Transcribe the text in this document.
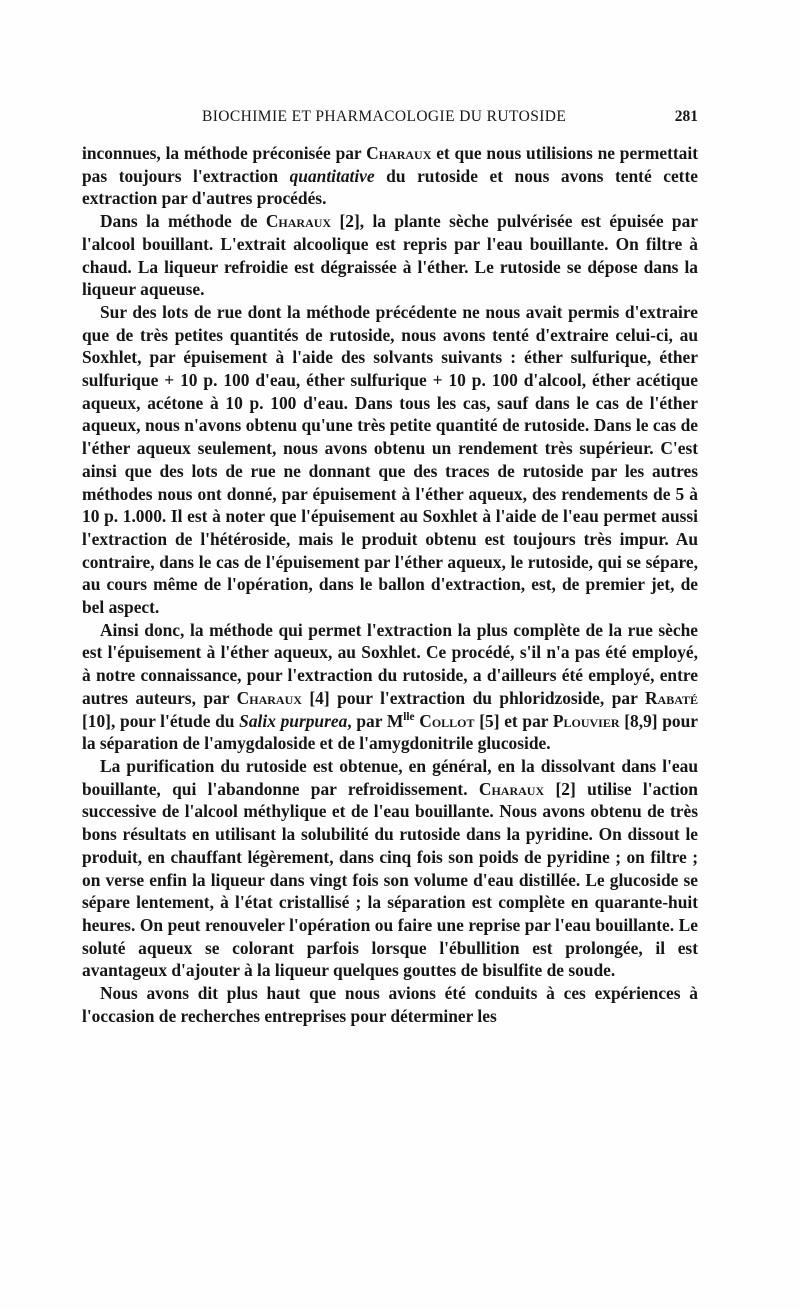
BIOCHIMIE ET PHARMACOLOGIE DU RUTOSIDE	281

inconnues, la méthode préconisée par Charaux et que nous utilisions ne permettait pas toujours l'extraction quantitative du rutoside et nous avons tenté cette extraction par d'autres procédés.

Dans la méthode de Charaux [2], la plante sèche pulvérisée est épuisée par l'alcool bouillant. L'extrait alcoolique est repris par l'eau bouillante. On filtre à chaud. La liqueur refroidie est dégraissée à l'éther. Le rutoside se dépose dans la liqueur aqueuse.

Sur des lots de rue dont la méthode précédente ne nous avait permis d'extraire que de très petites quantités de rutoside, nous avons tenté d'extraire celui-ci, au Soxhlet, par épuisement à l'aide des solvants suivants : éther sulfurique, éther sulfurique + 10 p. 100 d'eau, éther sulfurique + 10 p. 100 d'alcool, éther acétique aqueux, acétone à 10 p. 100 d'eau. Dans tous les cas, sauf dans le cas de l'éther aqueux, nous n'avons obtenu qu'une très petite quantité de rutoside. Dans le cas de l'éther aqueux seulement, nous avons obtenu un rendement très supérieur. C'est ainsi que des lots de rue ne donnant que des traces de rutoside par les autres méthodes nous ont donné, par épuisement à l'éther aqueux, des rendements de 5 à 10 p. 1.000. Il est à noter que l'épuisement au Soxhlet à l'aide de l'eau permet aussi l'extraction de l'hétéroside, mais le produit obtenu est toujours très impur. Au contraire, dans le cas de l'épuisement par l'éther aqueux, le rutoside, qui se sépare, au cours même de l'opération, dans le ballon d'extraction, est, de premier jet, de bel aspect.

Ainsi donc, la méthode qui permet l'extraction la plus complète de la rue sèche est l'épuisement à l'éther aqueux, au Soxhlet. Ce procédé, s'il n'a pas été employé, à notre connaissance, pour l'extraction du rutoside, a d'ailleurs été employé, entre autres auteurs, par Charaux [4] pour l'extraction du phloridzoside, par Rabaté [10], pour l'étude du Salix purpurea, par $M^{lle}$ Collot [5] et par Plouvier [8,9] pour la séparation de l'amygdaloside et de l'amygdonitrile glucoside.

La purification du rutoside est obtenue, en général, en la dissolvant dans l'eau bouillante, qui l'abandonne par refroidissement. Charaux [2] utilise l'action successive de l'alcool méthylique et de l'eau bouillante. Nous avons obtenu de très bons résultats en utilisant la solubilité du rutoside dans la pyridine. On dissout le produit, en chauffant légèrement, dans cinq fois son poids de pyridine ; on filtre ; on verse enfin la liqueur dans vingt fois son volume d'eau distillée. Le glucoside se sépare lentement, à l'état cristallisé ; la séparation est complète en quarante-huit heures. On peut renouveler l'opération ou faire une reprise par l'eau bouillante. Le soluté aqueux se colorant parfois lorsque l'ébullition est prolongée, il est avantageux d'ajouter à la liqueur quelques gouttes de bisulfite de soude.

Nous avons dit plus haut que nous avions été conduits à ces expériences à l'occasion de recherches entreprises pour déterminer les
